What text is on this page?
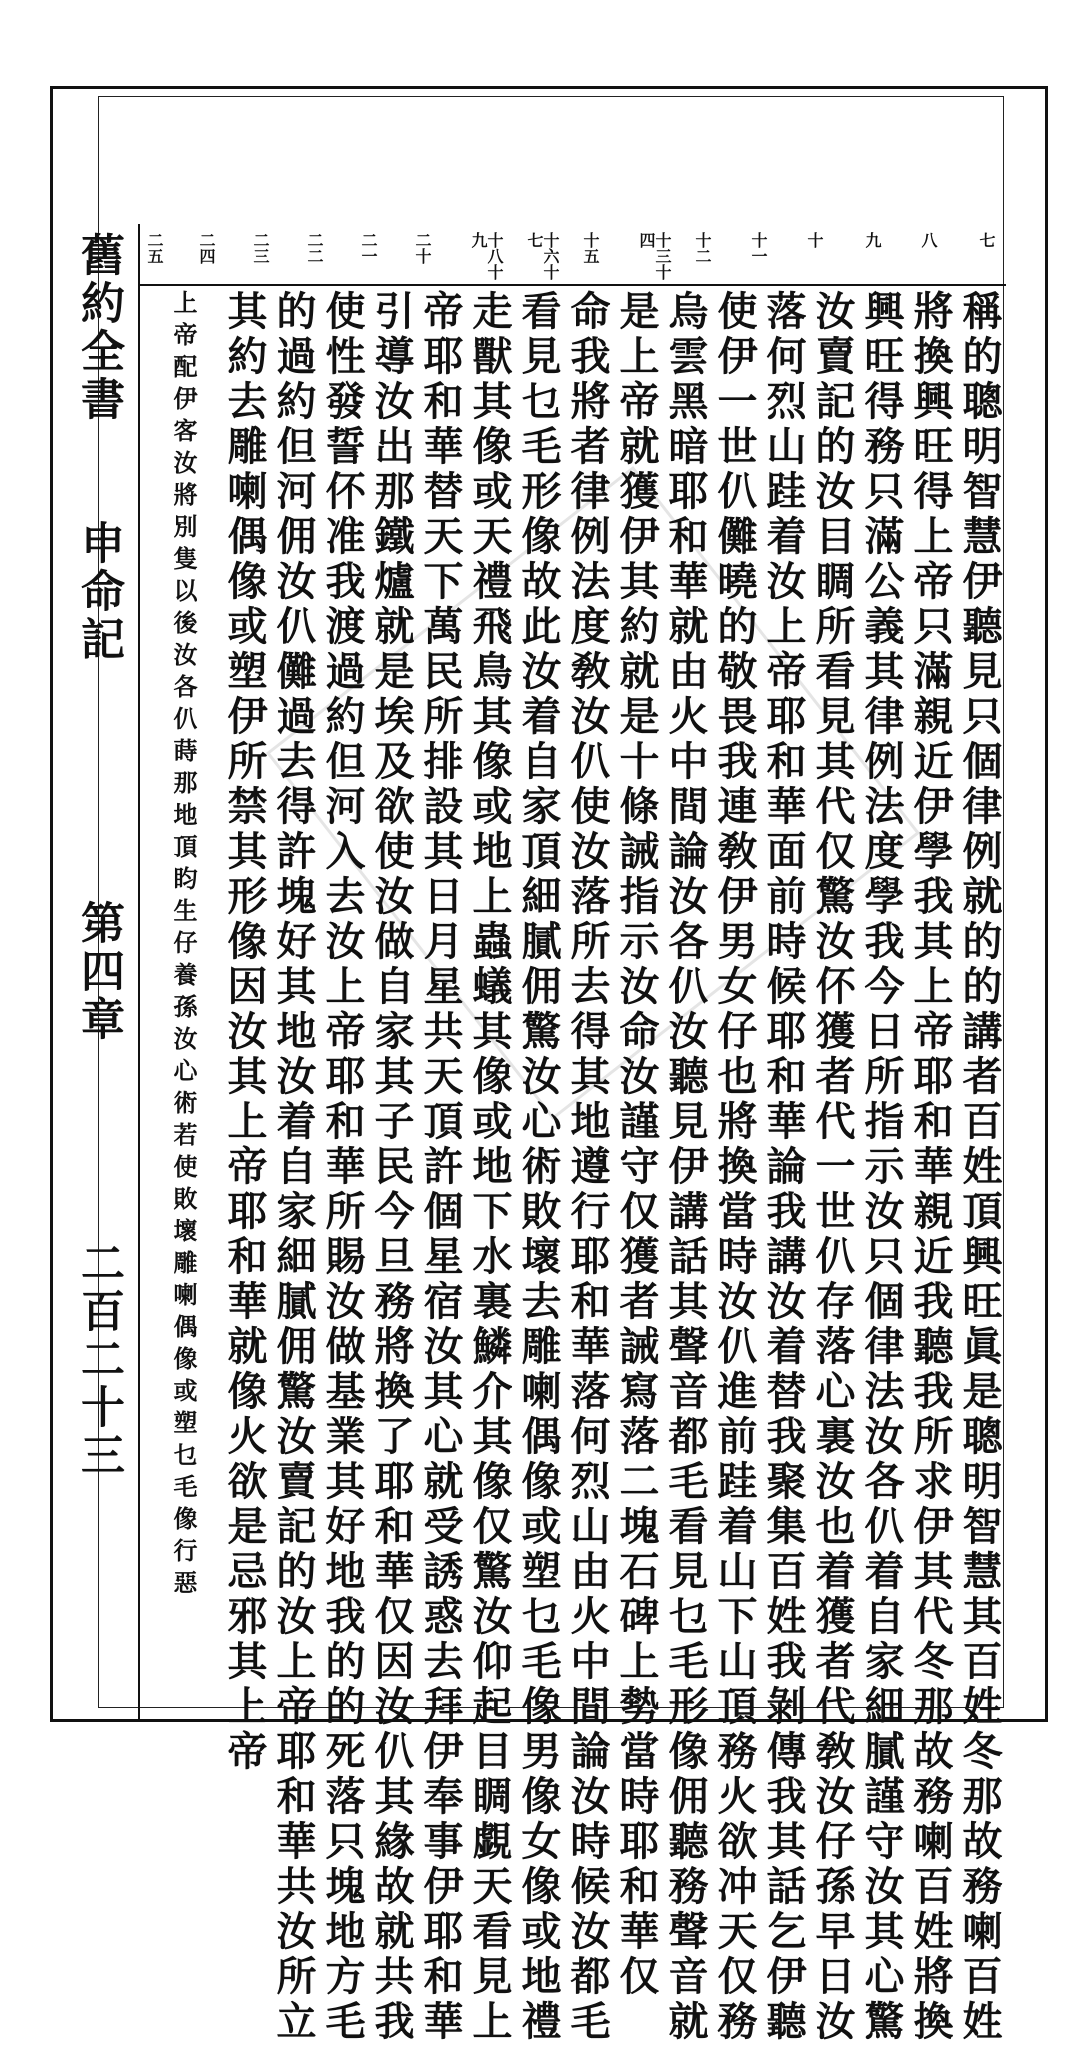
舊約全書
申命記
第四章
二百二十三
七
八
九
十
十一
十二
十三十四
十五
十六十七
十八十九
二十
二一
二二
二三
二四
二五
稱的聰明智慧伊聽見只個律例就的的講者百姓頂興旺眞是聰明智慧其百姓冬那故務喇百姓
將換興旺得上帝只滿親近伊學我其上帝耶和華親近我聽我所求伊其代冬那故務喇百姓將換
興旺得務只滿公義其律例法度學我今日所指示汝只個律法汝各仈着自家細膩謹守汝其心驚
汝賣記的汝目睭所看見其代仅驚汝伓獲者代一世仈存落心裏汝也着獲者代敎汝仔孫早日汝
落何烈山跬着汝上帝耶和華面前時候耶和華論我講汝着替我聚集百姓我剝傳我其話乞伊聽
使伊一世仈儺曉的敬畏我連敎伊男女仔也將換當時汝仈進前跬着山下山頂務火欲冲天仅務
烏雲黑暗耶和華就由火中間論汝各仈汝聽見伊講話其聲音都毛看見乜毛形像佣聽務聲音就
是上帝就獲伊其約就是十條誡指示汝命汝謹守仅獲者誡寫落二塊石碑上勢當時耶和華仅
命我將者律例法度敎汝仈使汝落所去得其地遵行耶和華落何烈山由火中間論汝時候汝都毛
看見乜毛形像故此汝着自家頂細膩佣驚汝心術敗壞去雕喇偶像或塑乜毛像男像女像或地禮
走獸其像或天禮飛鳥其像或地上蟲蟻其像或地下水裏鱗介其像仅驚汝仰起目睭覷天看見上
帝耶和華替天下萬民所排設其日月星共天頂許個星宿汝其心就受誘惑去拜伊奉事伊耶和華
引導汝出那鐵爐就是埃及欲使汝做自家其子民今旦務將換了耶和華仅因汝仈其緣故就共我
使性發誓伓准我渡過約但河入去汝上帝耶和華所賜汝做基業其好地我的的死落只塊地方毛
的過約但河佣汝仈儺過去得許塊好其地汝着自家細膩佣驚汝賣記的汝上帝耶和華共汝所立
其約去雕喇偶像或塑伊所禁其形像因汝其上帝耶和華就像火欲是忌邪其上帝
上帝配伊客汝將別隻以後汝各仈蒔那地頂盷生仔養孫汝心術若使敗壞雕喇偶像或塑乜毛像行惡
